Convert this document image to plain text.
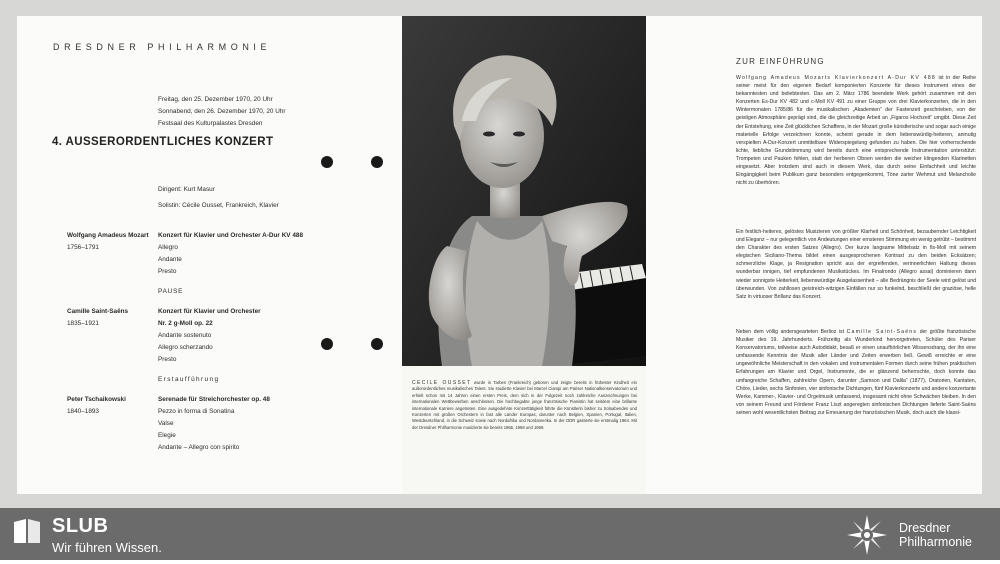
DRESDNER PHILHARMONIE
Freitag, den 25. Dezember 1970, 20 Uhr
Sonnabend, den 26. Dezember 1970, 20 Uhr
Festsaal des Kulturpalastes Dresden
4. AUSSERORDENTLICHES KONZERT
Dirigent: Kurt Masur
Solistin: Cécile Ousset, Frankreich, Klavier
Wolfgang Amadeus Mozart
1756–1791
Konzert für Klavier und Orchester A-Dur KV 488
Allegro
Andante
Presto
PAUSE
Camille Saint-Saëns
1835–1921
Konzert für Klavier und Orchester
Nr. 2 g-Moll op. 22
Andante sostenuto
Allegro scherzando
Presto
Erstaufführung
Peter Tschaikowski
1840–1893
Serenade für Streichorchester op. 48
Pezzo in forma di Sonatina
Valse
Elegie
Andante – Allegro con spirito
CECILE OUSSET wurde in Tarbes (Frankreich) geboren und zeigte bereits in frühester Kindheit ein außerordentliches musikalisches Talent. Sie studierte Klavier bei Marcel Ciampi am Pariser Nationalkonservatorium und erhielt schon mit 14 Jahren einen ersten Preis, dem sich in der Folgezeit noch zahlreiche Auszeichnungen bei internationalen Wettbewerben anschlossen. Die hochbegabte junge französische Pianistin hat seitdem eine brillante internationale Karriere angetreten. Eine ausgedehnte Konzerttätigkeit führte die Künstlerin bisher zu Soloabenden und Konzerten mit großen Orchestern in fast alle Länder Europas, darunter nach Belgien, Spanien, Portugal, Italien, Westdeutschland, in die Schweiz sowie nach Nordafrika und Nordamerika. In der DDR gastierte sie erstmalig 1964. Mit der Dresdner Philharmonie musizierte sie bereits 1966, 1968 und 1969.
ZUR EINFÜHRUNG
Wolfgang Amadeus Mozarts Klavierkonzert A-Dur KV 488 ist in der Reihe seiner meist für den eigenen Bedarf komponierten Konzerte für dieses Instrument eines der bekanntesten und beliebtesten. Das am 2. März 1786 beendete Werk gehört zusammen mit den Konzerten Es-Dur KV 482 und c-Moll KV 491 zu einer Gruppe von drei Klavierkonzerten, die in den Wintermonaten 1785/86 für die musikalischen „Akademien“ der Fastenzeit geschrieben, von der geistigen Atmosphäre geprägt sind, die die gleichzeitige Arbeit an „Figaros Hochzeit“ umgibt. Diese Zeit der Entstehung, eine Zeit glücklichen Schaffens, in der Mozart große künstlerische und sogar auch einige materielle Erfolge verzeichnen konnte, scheint gerade in dem liebenswürdig-heiteren, anmutig verspielten A-Dur-Konzert unmittelbare Widerspiegelung gefunden zu haben. Die hier vorherrschende lichte, liebliche Grundstimmung wird bereits durch eine entsprechende Instrumentation unterstützt: Trompeten und Pauken fehlen, statt der herberen Oboen werden die weicher klingenden Klarinetten eingesetzt. Aber trotzdem sind auch in diesem Werk, das durch seine Einfachheit und leichte Eingängigkeit beim Publikum ganz besonders entgegenkommt, Töne zarter Wehmut und Melancholie nicht zu überhören.
Ein festlich-heiteres, gelöstes Musizieren von größter Klarheit und Schönheit, bezaubernder Leichtigkeit und Eleganz – nur gelegentlich von Andeutungen einer ernsteren Stimmung ein wenig getrübt – bestimmt den Charakter des ersten Satzes (Allegro). Der kurze langsame Mittelsatz in fis-Moll mit seinem elegischen Siciliano-Thema bildet einen ausgesprochenen Kontrast zu den beiden Ecksätzen; schmerzliche Klage, ja Resignation spricht aus der ergreifenden, verinnerlichten Haltung dieses wunderbar innigen, tief empfundenen Musikstückes. Im Finalrondo (Allegro assai) dominieren dann wieder sonnigste Heiterkeit, liebenswürdige Ausgelassenheit – alle Bedrängnis der Seele wird gelöst und überwunden. Von zahllosen geistreich-witzigen Einfällen nur so funkelnd, beschließt der graziöse, helle Satz in virtuoser Brillanz das Konzert.
Neben dem völlig andersgearteten Berlioz ist Camille Saint-Saëns der größte französische Musiker des 19. Jahrhunderts. Frühzeitig als Wunderkind hervorgetreten, Schüler des Pariser Konservatoriums, teilweise auch Autodidakt, besaß er einen unaufhörlichen Wissensdrang, der ihn eine umfassende Kenntnis der Musik aller Länder und Zeiten erwerben ließ. Gewiß erreichte er eine ungewöhnliche Meisterschaft in den vokalen und instrumentalen Formen durch seine frühen praktischen Erfahrungen am Klavier und Orgel, Instrumente, die er glänzend beherrschte, doch konnte das umfangreiche Schaffen, zahlreiche Opern, darunter „Samson und Dalila“ (1877), Oratorien, Kantaten, Chöre, Lieder, sechs Sinfonien, vier sinfonische Dichtungen, fünf Klavierkonzerte und andere konzertante Werke, Kammer-, Klavier- und Orgelmusik umfassend, insgesamt nicht ohne Schwächen bleiben. In den von seinem Freund und Förderer Franz Liszt angeregten sinfonischen Dichtungen lieferte Saint-Saëns seinen wohl wesentlichsten Beitrag zur Erneuerung der französischen Musik, doch auch die klassi-
SLUB
Wir führen Wissen.
Dresdner
Philharmonie
